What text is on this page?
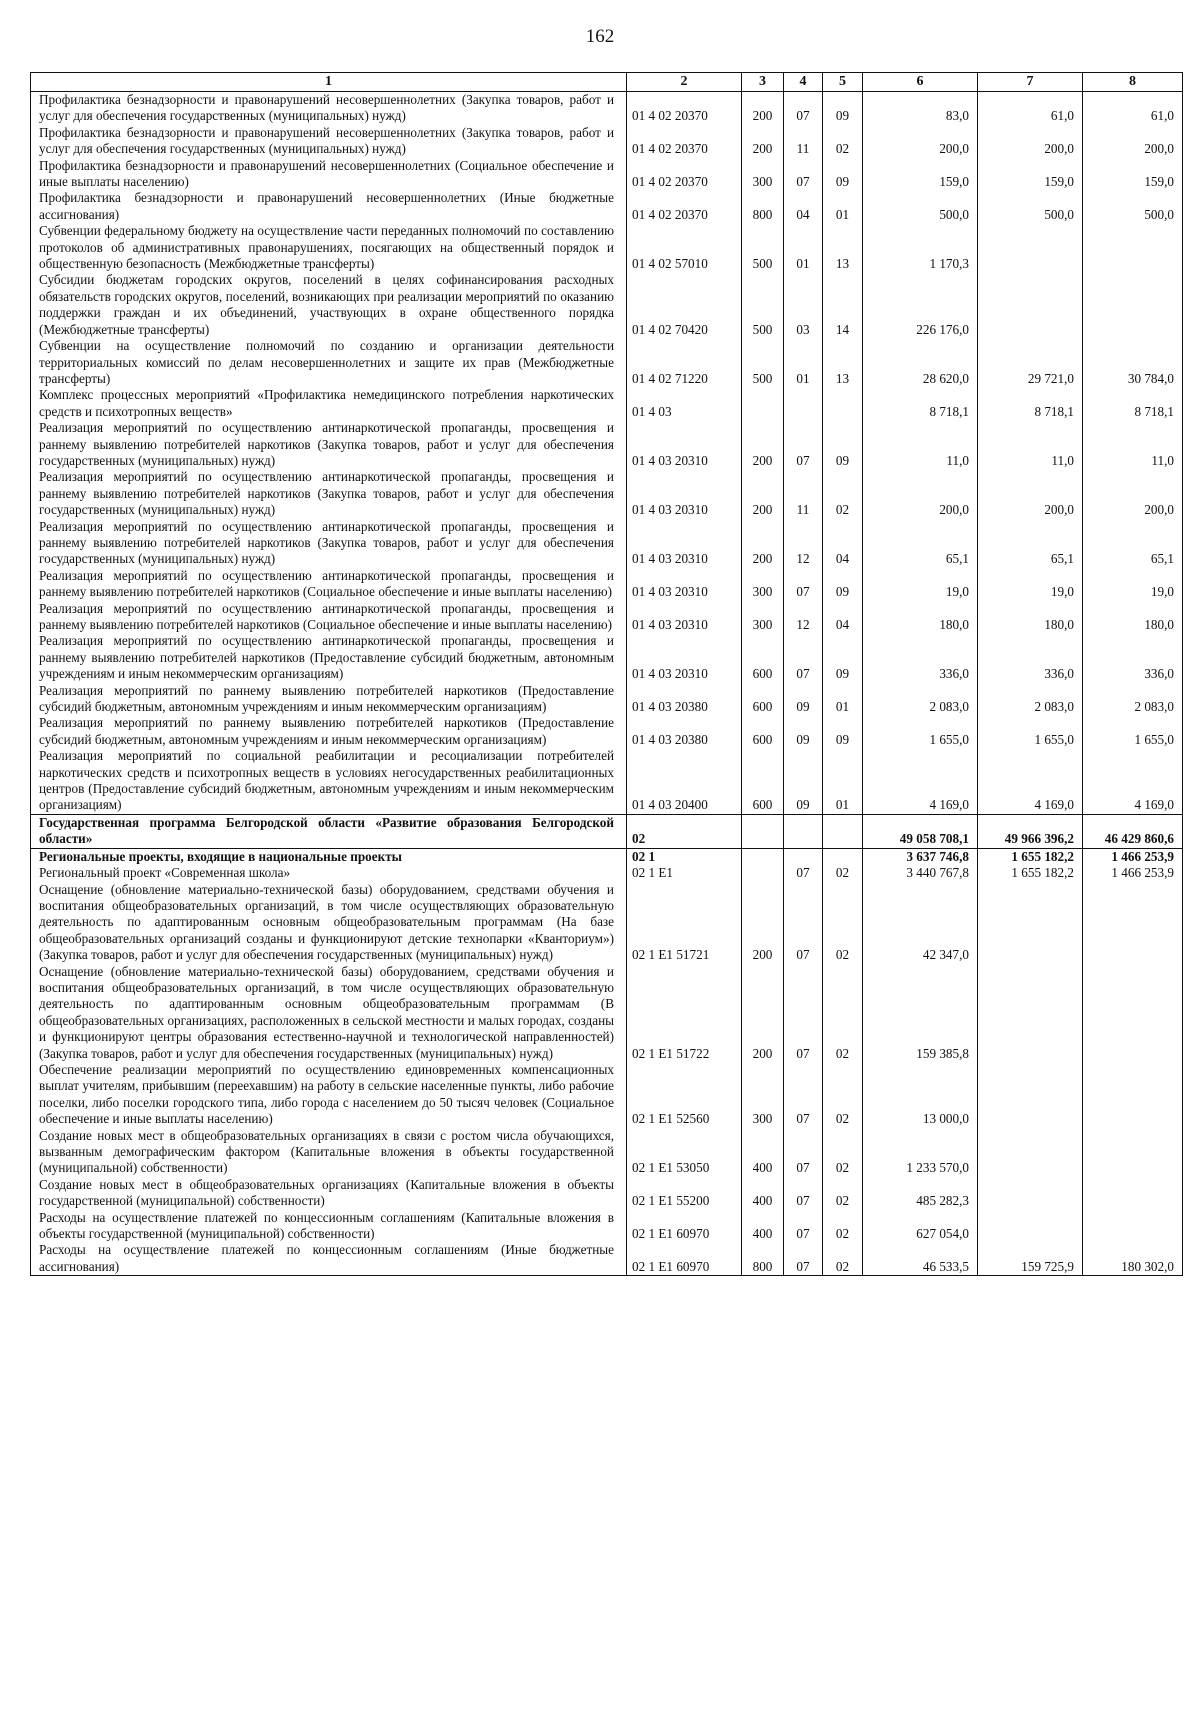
162
1	2	3	4	5	6	7	8
Профилактика безнадзорности и правонарушений несовершеннолетних (Закупка товаров, работ и услуг для обеспечения государственных (муниципальных) нужд)	01 4 02 20370	200	07	09	83,0	61,0	61,0
Профилактика безнадзорности и правонарушений несовершеннолетних (Закупка товаров, работ и услуг для обеспечения государственных (муниципальных) нужд)	01 4 02 20370	200	11	02	200,0	200,0	200,0
Профилактика безнадзорности и правонарушений несовершеннолетних (Социальное обеспечение и иные выплаты населению)	01 4 02 20370	300	07	09	159,0	159,0	159,0
Профилактика безнадзорности и правонарушений несовершеннолетних (Иные бюджетные ассигнования)	01 4 02 20370	800	04	01	500,0	500,0	500,0
Субвенции федеральному бюджету на осуществление части переданных полномочий по составлению протоколов об административных правонарушениях, посягающих на общественный порядок и общественную безопасность (Межбюджетные трансферты)	01 4 02 57010	500	01	13	1 170,3		
Субсидии бюджетам городских округов, поселений в целях софинансирования расходных обязательств городских округов, поселений, возникающих при реализации мероприятий по оказанию поддержки граждан и их объединений, участвующих в охране общественного порядка (Межбюджетные трансферты)	01 4 02 70420	500	03	14	226 176,0		
Субвенции на осуществление полномочий по созданию и организации деятельности территориальных комиссий по делам несовершеннолетних и защите их прав (Межбюджетные трансферты)	01 4 02 71220	500	01	13	28 620,0	29 721,0	30 784,0
Комплекс процессных мероприятий «Профилактика немедицинского потребления наркотических средств и психотропных веществ»	01 4 03				8 718,1	8 718,1	8 718,1
Реализация мероприятий по осуществлению антинаркотической пропаганды, просвещения и раннему выявлению потребителей наркотиков (Закупка товаров, работ и услуг для обеспечения государственных (муниципальных) нужд)	01 4 03 20310	200	07	09	11,0	11,0	11,0
Реализация мероприятий по осуществлению антинаркотической пропаганды, просвещения и раннему выявлению потребителей наркотиков (Закупка товаров, работ и услуг для обеспечения государственных (муниципальных) нужд)	01 4 03 20310	200	11	02	200,0	200,0	200,0
Реализация мероприятий по осуществлению антинаркотической пропаганды, просвещения и раннему выявлению потребителей наркотиков (Закупка товаров, работ и услуг для обеспечения государственных (муниципальных) нужд)	01 4 03 20310	200	12	04	65,1	65,1	65,1
Реализация мероприятий по осуществлению антинаркотической пропаганды, просвещения и раннему выявлению потребителей наркотиков (Социальное обеспечение и иные выплаты населению)	01 4 03 20310	300	07	09	19,0	19,0	19,0
Реализация мероприятий по осуществлению антинаркотической пропаганды, просвещения и раннему выявлению потребителей наркотиков (Социальное обеспечение и иные выплаты населению)	01 4 03 20310	300	12	04	180,0	180,0	180,0
Реализация мероприятий по осуществлению антинаркотической пропаганды, просвещения и раннему выявлению потребителей наркотиков (Предоставление субсидий бюджетным, автономным учреждениям и иным некоммерческим организациям)	01 4 03 20310	600	07	09	336,0	336,0	336,0
Реализация мероприятий по раннему выявлению потребителей наркотиков (Предоставление субсидий бюджетным, автономным учреждениям и иным некоммерческим организациям)	01 4 03 20380	600	09	01	2 083,0	2 083,0	2 083,0
Реализация мероприятий по раннему выявлению потребителей наркотиков (Предоставление субсидий бюджетным, автономным учреждениям и иным некоммерческим организациям)	01 4 03 20380	600	09	09	1 655,0	1 655,0	1 655,0
Реализация мероприятий по социальной реабилитации и ресоциализации потребителей наркотических средств и психотропных веществ в условиях негосударственных реабилитационных центров (Предоставление субсидий бюджетным, автономным учреждениям и иным некоммерческим организациям)	01 4 03 20400	600	09	01	4 169,0	4 169,0	4 169,0
Государственная программа Белгородской области «Развитие образования Белгородской области»	02				49 058 708,1	49 966 396,2	46 429 860,6
Региональные проекты, входящие в национальные проекты	02 1				3 637 746,8	1 655 182,2	1 466 253,9
Региональный проект «Современная школа»	02 1 E1		07	02	3 440 767,8	1 655 182,2	1 466 253,9
Оснащение (обновление материально-технической базы) оборудованием, средствами обучения и воспитания общеобразовательных организаций, в том числе осуществляющих образовательную деятельность по адаптированным основным общеобразовательным программам (На базе общеобразовательных организаций созданы и функционируют детские технопарки «Кванториум») (Закупка товаров, работ и услуг для обеспечения государственных (муниципальных) нужд)	02 1 E1 51721	200	07	02	42 347,0		
Оснащение (обновление материально-технической базы) оборудованием, средствами обучения и воспитания общеобразовательных организаций, в том числе осуществляющих образовательную деятельность по адаптированным основным общеобразовательным программам (В общеобразовательных организациях, расположенных в сельской местности и малых городах, созданы и функционируют центры образования естественно-научной и технологической направленностей) (Закупка товаров, работ и услуг для обеспечения государственных (муниципальных) нужд)	02 1 E1 51722	200	07	02	159 385,8		
Обеспечение реализации мероприятий по осуществлению единовременных компенсационных выплат учителям, прибывшим (переехавшим) на работу в сельские населенные пункты, либо рабочие поселки, либо поселки городского типа, либо города с населением до 50 тысяч человек (Социальное обеспечение и иные выплаты населению)	02 1 E1 52560	300	07	02	13 000,0		
Создание новых мест в общеобразовательных организациях в связи с ростом числа обучающихся, вызванным демографическим фактором (Капитальные вложения в объекты государственной (муниципальной) собственности)	02 1 E1 53050	400	07	02	1 233 570,0		
Создание новых мест в общеобразовательных организациях (Капитальные вложения в объекты государственной (муниципальной) собственности)	02 1 E1 55200	400	07	02	485 282,3		
Расходы на осуществление платежей по концессионным соглашениям (Капитальные вложения в объекты государственной (муниципальной) собственности)	02 1 E1 60970	400	07	02	627 054,0		
Расходы на осуществление платежей по концессионным соглашениям (Иные бюджетные ассигнования)	02 1 E1 60970	800	07	02	46 533,5	159 725,9	180 302,0
